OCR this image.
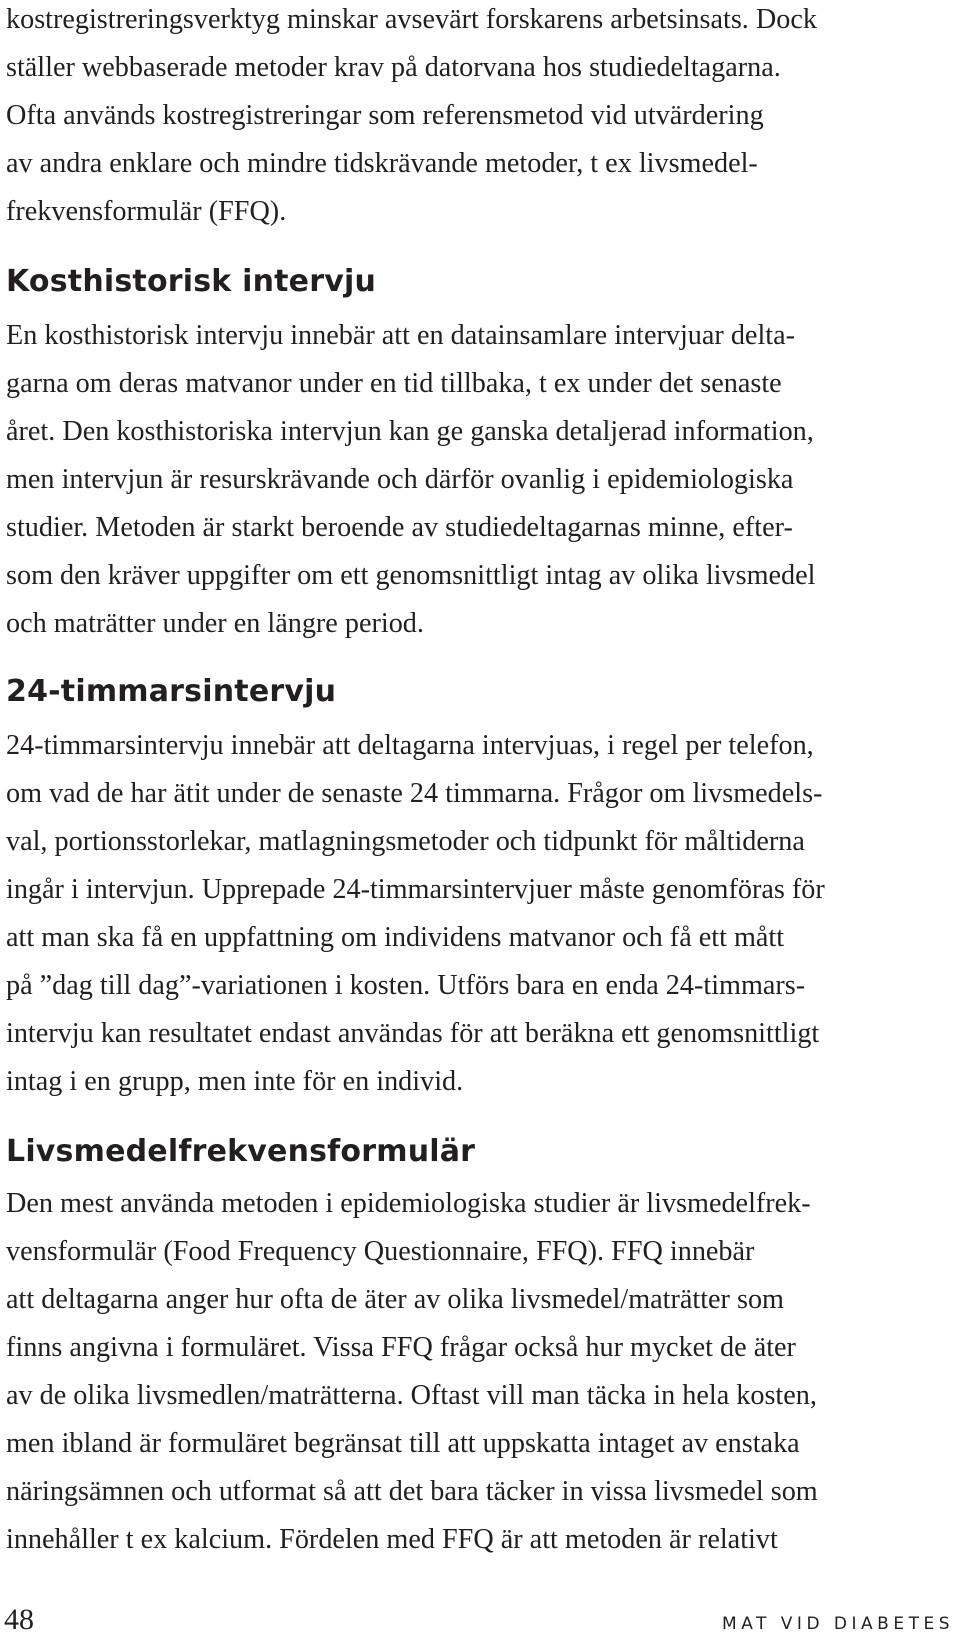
kostregistreringsverktyg minskar avsevärt forskarens arbetsinsats. Dock
ställer webbaserade metoder krav på datorvana hos studiedeltagarna.
Ofta används kostregistreringar som referensmetod vid utvärdering
av andra enklare och mindre tidskrävande metoder, t ex livsmedel-
frekvensformulär (FFQ).

Kosthistorisk intervju

En kosthistorisk intervju innebär att en datainsamlare intervjuar delta-
garna om deras matvanor under en tid tillbaka, t ex under det senaste
året. Den kosthistoriska intervjun kan ge ganska detaljerad information,
men intervjun är resurskrävande och därför ovanlig i epidemiologiska
studier. Metoden är starkt beroende av studiedeltagarnas minne, efter-
som den kräver uppgifter om ett genomsnittligt intag av olika livsmedel
och maträtter under en längre period.

24-timmarsintervju

24-timmarsintervju innebär att deltagarna intervjuas, i regel per telefon,
om vad de har ätit under de senaste 24 timmarna. Frågor om livsmedels-
val, portionsstorlekar, matlagningsmetoder och tidpunkt för måltiderna
ingår i intervjun. Upprepade 24-timmarsintervjuer måste genomföras för
att man ska få en uppfattning om individens matvanor och få ett mått
på ”dag till dag”-variationen i kosten. Utförs bara en enda 24-timmars-
intervju kan resultatet endast användas för att beräkna ett genomsnittligt
intag i en grupp, men inte för en individ.

Livsmedelfrekvensformulär

Den mest använda metoden i epidemiologiska studier är livsmedelfrek-
vensformulär (Food Frequency Questionnaire, FFQ). FFQ innebär
att deltagarna anger hur ofta de äter av olika livsmedel/maträtter som
finns angivna i formuläret. Vissa FFQ frågar också hur mycket de äter
av de olika livsmedlen/maträtterna. Oftast vill man täcka in hela kosten,
men ibland är formuläret begränsat till att uppskatta intaget av enstaka
näringsämnen och utformat så att det bara täcker in vissa livsmedel som
innehåller t ex kalcium. Fördelen med FFQ är att metoden är relativt

48	MAT VID DIABETES
